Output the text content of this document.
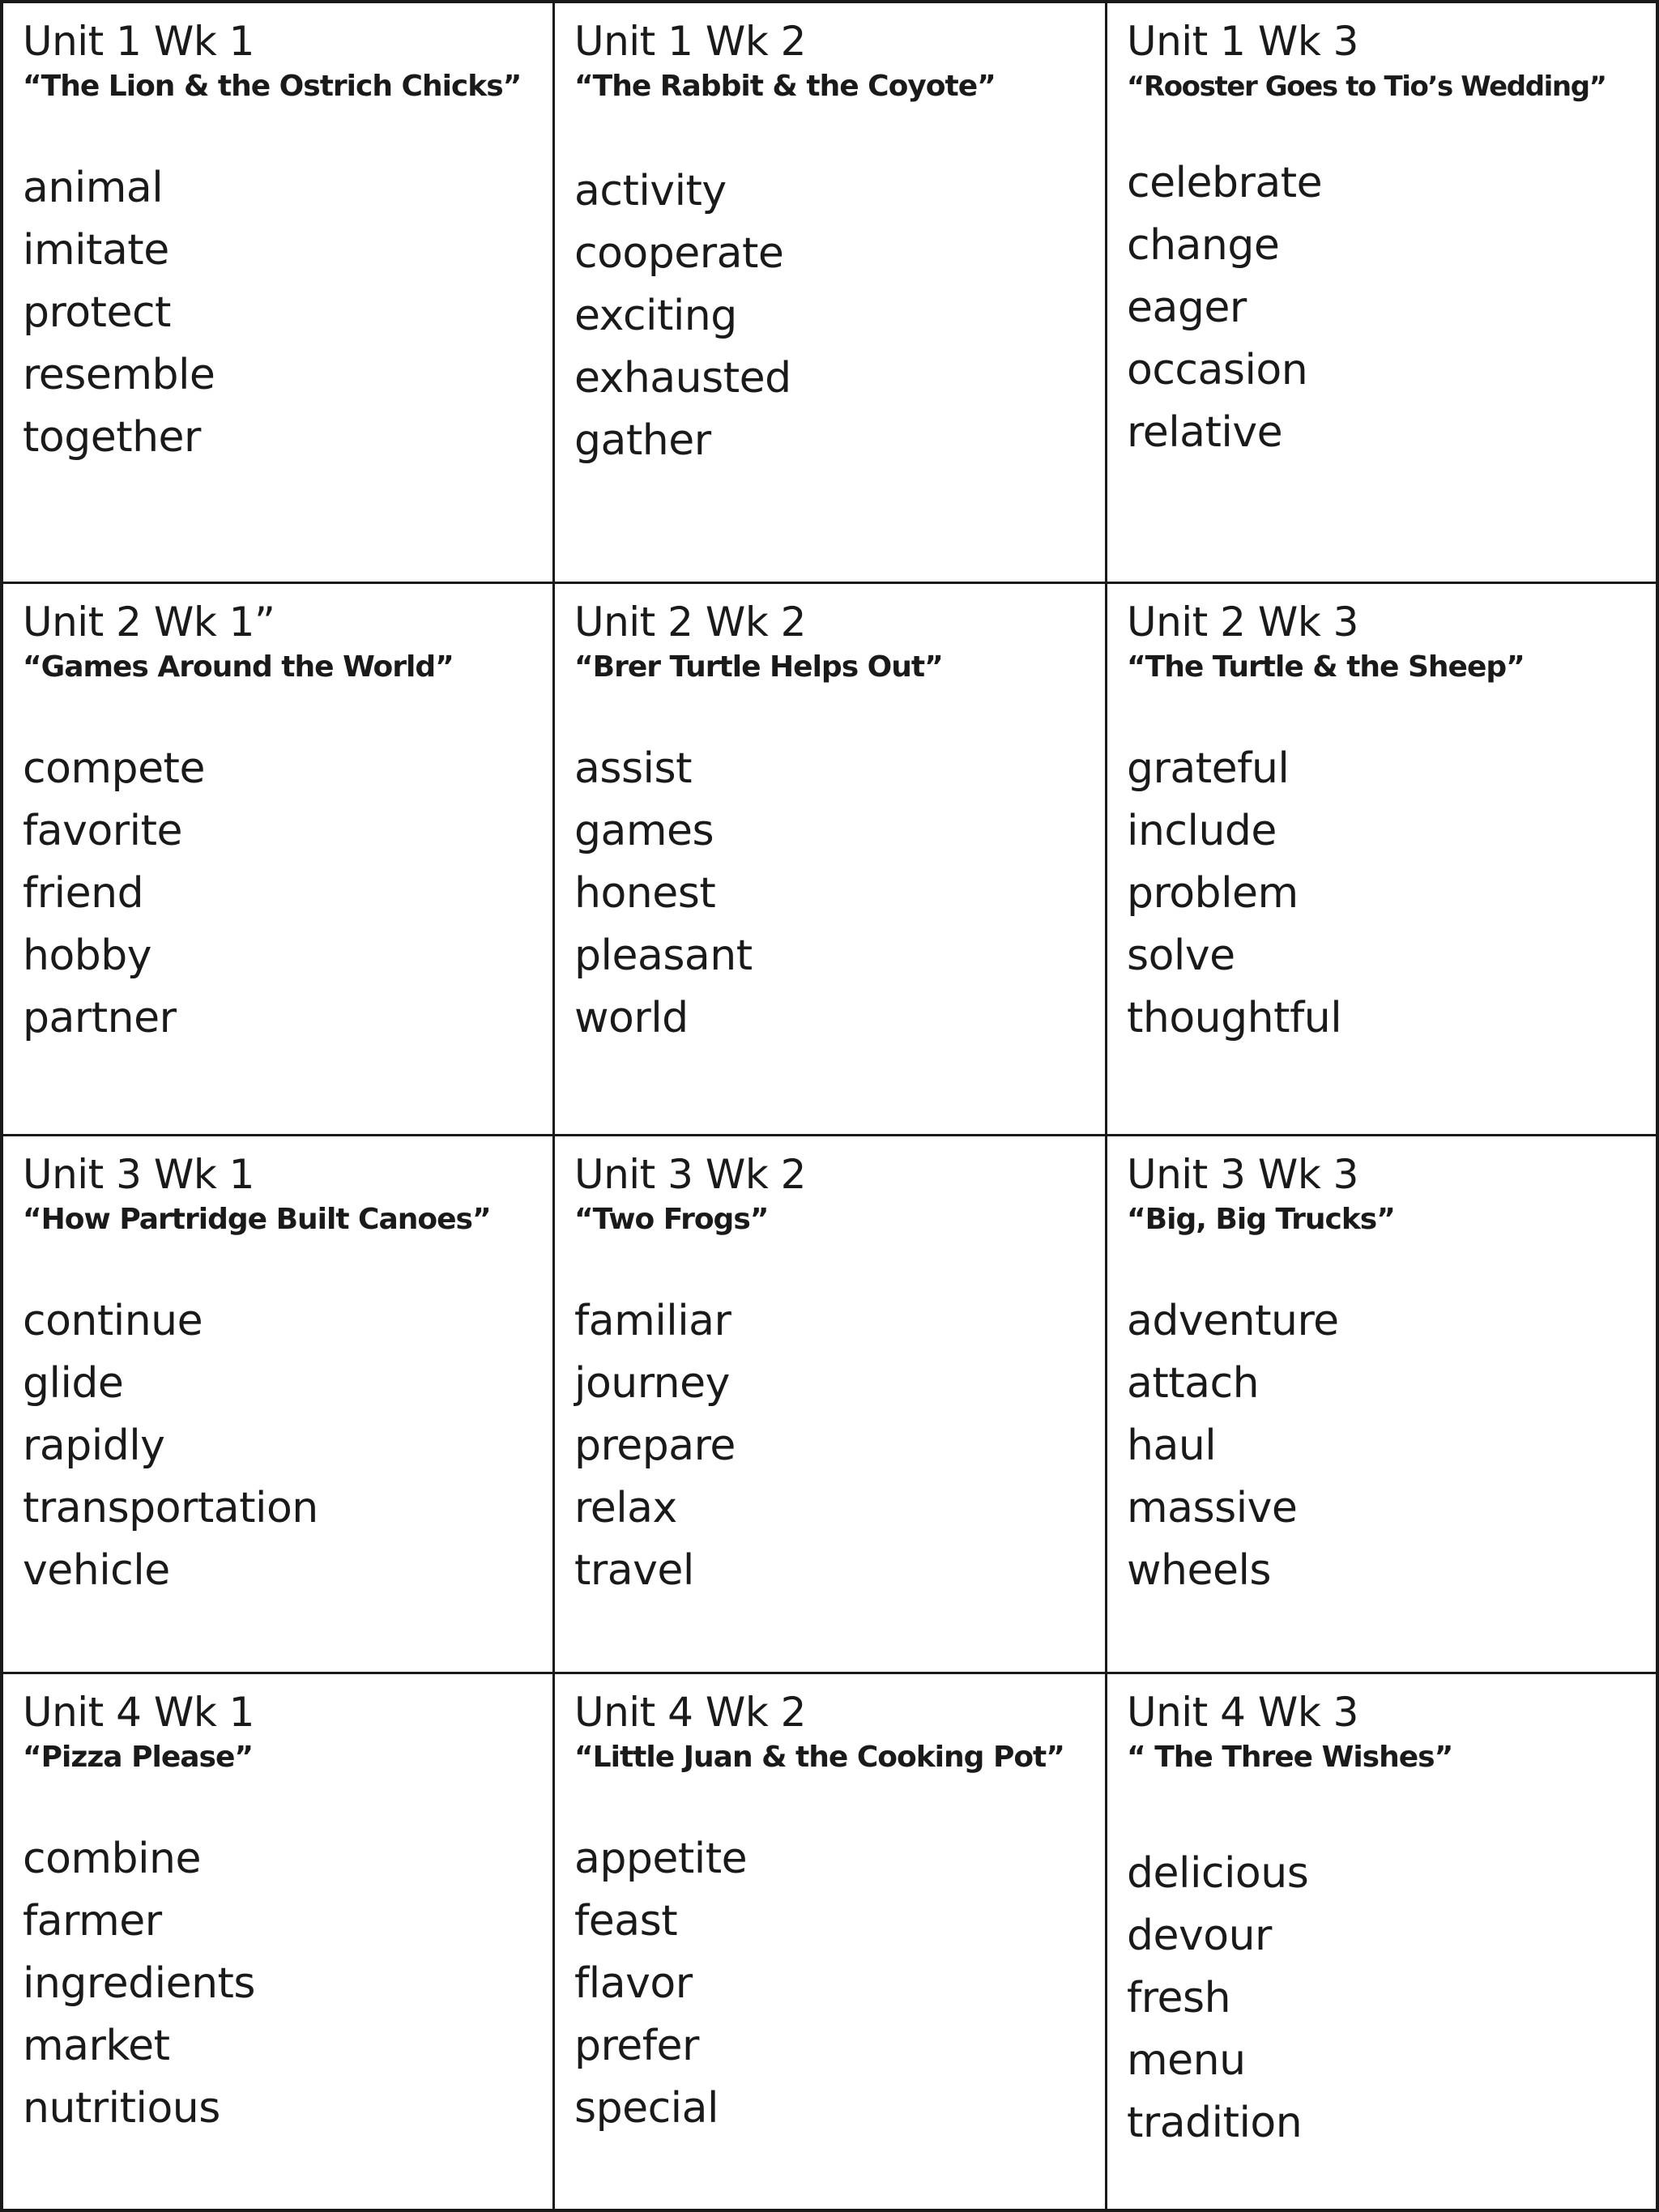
Unit 1 Wk 1
“The Lion & the Ostrich Chicks”
animal
imitate
protect
resemble
together
Unit 1 Wk 2
“The Rabbit & the Coyote”
activity
cooperate
exciting
exhausted
gather
Unit 1 Wk 3
“Rooster Goes to Tio’s Wedding”
celebrate
change
eager
occasion
relative
Unit 2 Wk 1”
“Games Around the World”
compete
favorite
friend
hobby
partner
Unit 2 Wk 2
“Brer Turtle Helps Out”
assist
games
honest
pleasant
world
Unit 2 Wk 3
“The Turtle & the Sheep”
grateful
include
problem
solve
thoughtful
Unit 3 Wk 1
“How Partridge Built Canoes”
continue
glide
rapidly
transportation
vehicle
Unit 3 Wk 2
“Two Frogs”
familiar
journey
prepare
relax
travel
Unit 3 Wk 3
“Big, Big Trucks”
adventure
attach
haul
massive
wheels
Unit 4 Wk 1
“Pizza Please”
combine
farmer
ingredients
market
nutritious
Unit 4 Wk 2
“Little Juan & the Cooking Pot”
appetite
feast
flavor
prefer
special
Unit 4 Wk 3
“ The Three Wishes”
delicious
devour
fresh
menu
tradition
